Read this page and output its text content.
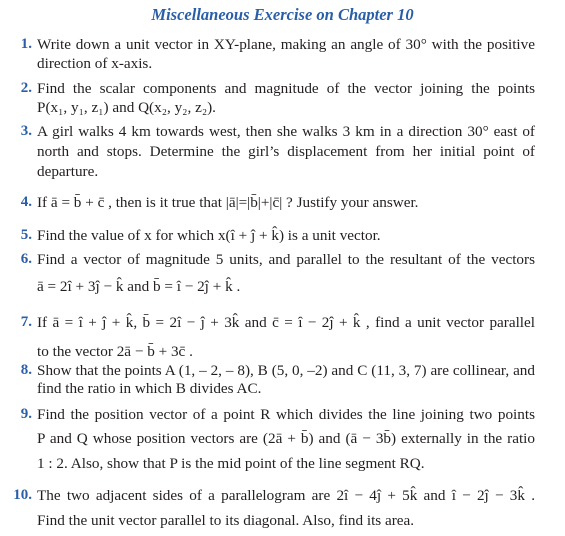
Miscellaneous Exercise on Chapter 10
1. Write down a unit vector in XY-plane, making an angle of 30° with the positive
direction of x-axis.
2. Find the scalar components and magnitude of the vector joining the points
P(x₁, y₁, z₁) and Q(x₂, y₂, z₂).
3. A girl walks 4 km towards west, then she walks 3 km in a direction 30° east of
north and stops. Determine the girl’s displacement from her initial point of
departure.
4. If ā = b̄ + c̄ , then is it true that |ā|=|b̄|+|c̄| ? Justify your answer.
5. Find the value of x for which x(î + ĵ + k̂) is a unit vector.
6. Find a vector of magnitude 5 units, and parallel to the resultant of the vectors
ā = 2î + 3ĵ − k̂ and b̄ = î − 2ĵ + k̂ .
7. If ā = î + ĵ + k̂, b̄ = 2î − ĵ + 3k̂ and c̄ = î − 2ĵ + k̂ , find a unit vector parallel
to the vector 2ā − b̄ + 3c̄ .
8. Show that the points A (1, – 2, – 8), B (5, 0, –2) and C (11, 3, 7) are collinear, and
find the ratio in which B divides AC.
9. Find the position vector of a point R which divides the line joining two points
P and Q whose position vectors are (2ā + b̄) and (ā − 3b̄) externally in the ratio
1 : 2. Also, show that P is the mid point of the line segment RQ.
10. The two adjacent sides of a parallelogram are 2î − 4ĵ + 5k̂ and î − 2ĵ − 3k̂ .
Find the unit vector parallel to its diagonal. Also, find its area.
